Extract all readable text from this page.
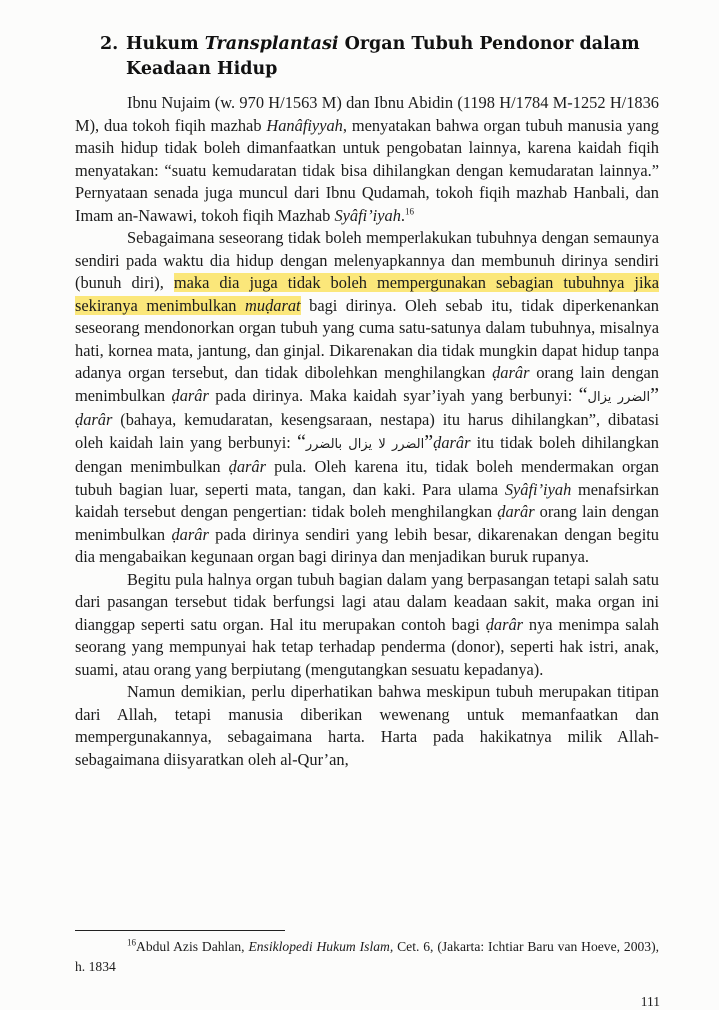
2. Hukum Transplantasi Organ Tubuh Pendonor dalam Keadaan Hidup

Ibnu Nujaim (w. 970 H/1563 M) dan Ibnu Abidin (1198 H/1784 M-1252 H/1836 M), dua tokoh fiqih mazhab Hanâfiyyah, menyatakan bahwa organ tubuh manusia yang masih hidup tidak boleh dimanfaatkan untuk pengobatan lainnya, karena kaidah fiqih menyatakan: “suatu kemudaratan tidak bisa dihilangkan dengan kemudaratan lainnya.” Pernyataan senada juga muncul dari Ibnu Qudamah, tokoh fiqih mazhab Hanbali, dan Imam an-Nawawi, tokoh fiqih Mazhab Syâfi’iyah.$^{16}$

Sebagaimana seseorang tidak boleh memperlakukan tubuhnya dengan semaunya sendiri pada waktu dia hidup dengan melenyapkannya dan membunuh dirinya sendiri (bunuh diri), maka dia juga tidak boleh mempergunakan sebagian tubuhnya jika sekiranya menimbulkan muḍarat bagi dirinya. Oleh sebab itu, tidak diperkenankan seseorang mendonorkan organ tubuh yang cuma satu-satunya dalam tubuhnya, misalnya hati, kornea mata, jantung, dan ginjal. Dikarenakan dia tidak mungkin dapat hidup tanpa adanya organ tersebut, dan tidak dibolehkan menghilangkan ḍarâr orang lain dengan menimbulkan ḍarâr pada dirinya. Maka kaidah syar’iyah yang berbunyi: “الضرر يزال” ḍarâr (bahaya, kemudaratan, kesengsaraan, nestapa) itu harus dihilangkan”, dibatasi oleh kaidah lain yang berbunyi: “الضرر لا يزال بالضرر”ḍarâr itu tidak boleh dihilangkan dengan menimbulkan ḍarâr pula. Oleh karena itu, tidak boleh mendermakan organ tubuh bagian luar, seperti mata, tangan, dan kaki. Para ulama Syâfi’iyah menafsirkan kaidah tersebut dengan pengertian: tidak boleh menghilangkan ḍarâr orang lain dengan menimbulkan ḍarâr pada dirinya sendiri yang lebih besar, dikarenakan dengan begitu dia mengabaikan kegunaan organ bagi dirinya dan menjadikan buruk rupanya.

Begitu pula halnya organ tubuh bagian dalam yang berpasangan tetapi salah satu dari pasangan tersebut tidak berfungsi lagi atau dalam keadaan sakit, maka organ ini dianggap seperti satu organ. Hal itu merupakan contoh bagi ḍarâr nya menimpa salah seorang yang mempunyai hak tetap terhadap penderma (donor), seperti hak istri, anak, suami, atau orang yang berpiutang (mengutangkan sesuatu kepadanya).

Namun demikian, perlu diperhatikan bahwa meskipun tubuh merupakan titipan dari Allah, tetapi manusia diberikan wewenang untuk memanfaatkan dan mempergunakannya, sebagaimana harta. Harta pada hakikatnya milik Allah-sebagaimana diisyaratkan oleh al-Qur’an,

$^{16}$Abdul Azis Dahlan, Ensiklopedi Hukum Islam, Cet. 6, (Jakarta: Ichtiar Baru van Hoeve, 2003), h. 1834
111
